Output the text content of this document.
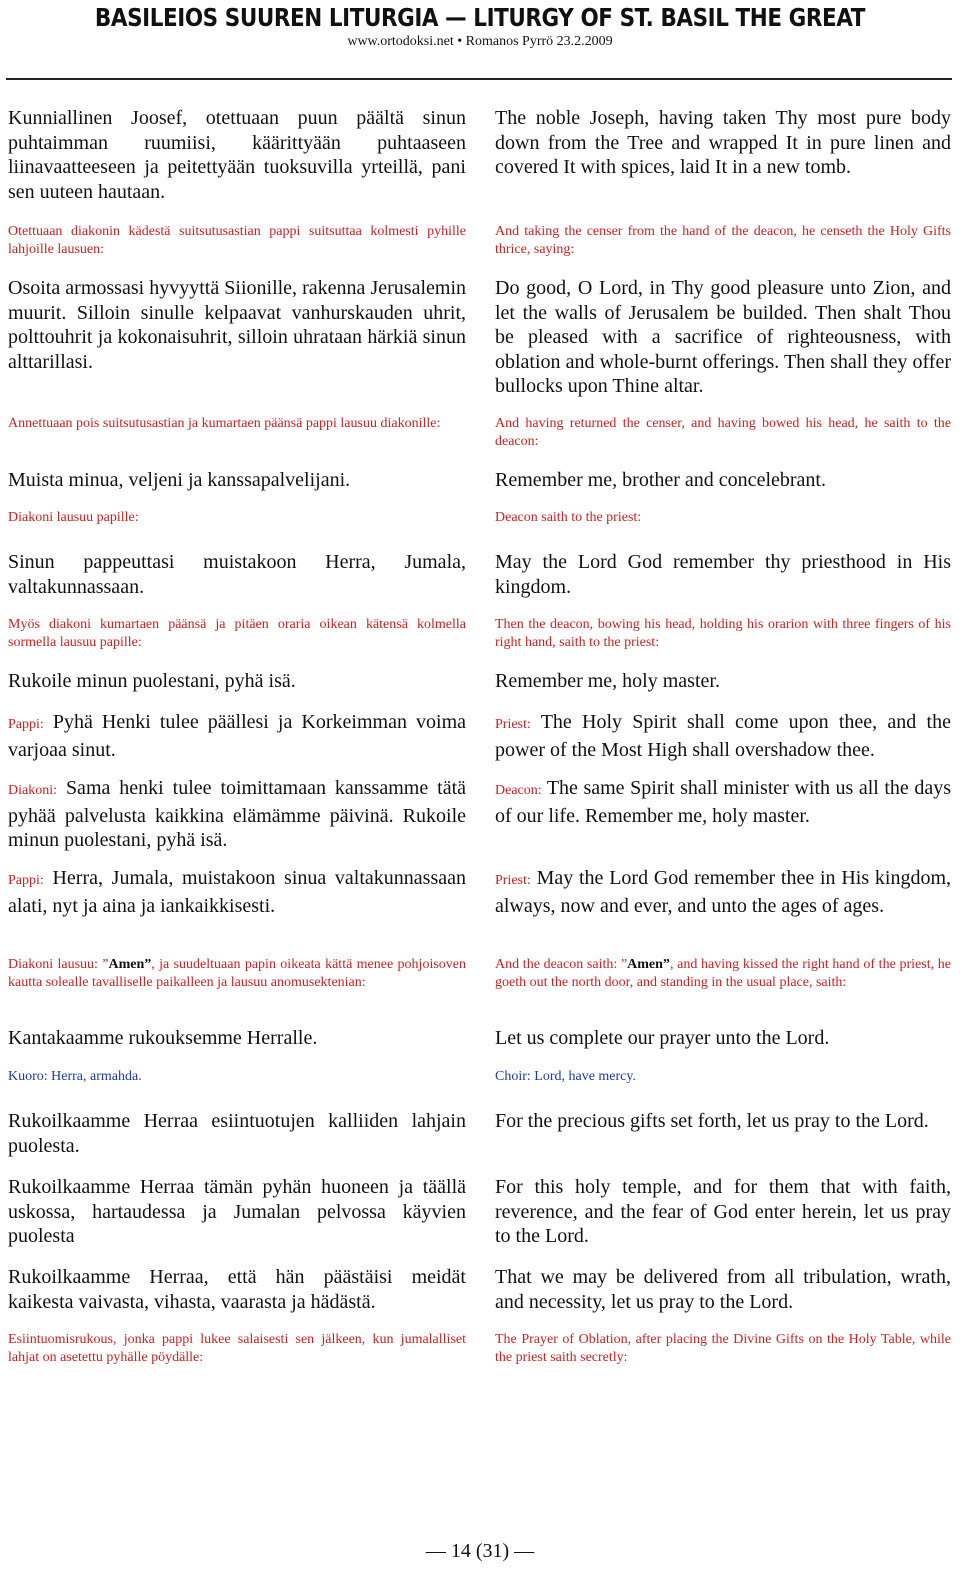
BASILEIOS SUUREN LITURGIA — LITURGY OF ST. BASIL THE GREAT
www.ortodoksi.net • Romanos Pyrrö 23.2.2009
Kunniallinen Joosef, otettuaan puun päältä sinun puhtaimman ruumiisi, käärittyään puhtaaseen liinavaatteeseen ja peitettyään tuoksuvilla yrteillä, pani sen uuteen hautaan.
Otettuaan diakonin kädestä suitsutusastian pappi suitsuttaa kolmesti pyhille lahjoille lausuen:
Osoita armossasi hyvyyttä Siionille, rakenna Jerusalemin muurit. Silloin sinulle kelpaavat vanhurskauden uhrit, polttouhrit ja kokonaisuhrit, silloin uhrataan härkiä sinun alttarillasi.
Annettuaan pois suitsutusastian ja kumartaen päänsä pappi lausuu diakonille:
Muista minua, veljeni ja kanssapalvelijani.
Diakoni lausuu papille:
Sinun pappeuttasi muistakoon Herra, Jumala, valtakunnassaan.
Myös diakoni kumartaen päänsä ja pitäen oraria oikean kätensä kolmella sormella lausuu papille:
Rukoile minun puolestani, pyhä isä.
Pappi: Pyhä Henki tulee päällesi ja Korkeimman voima varjoaa sinut.
Diakoni: Sama henki tulee toimittamaan kanssamme tätä pyhää palvelusta kaikkina elämämme päivinä. Rukoile minun puolestani, pyhä isä.
Pappi: Herra, Jumala, muistakoon sinua valtakunnassaan alati, nyt ja aina ja iankaikkisesti.
Diakoni lausuu: ”Amen”, ja suudeltuaan papin oikeata kättä menee pohjoisoven kautta solealle tavalliselle paikalleen ja lausuu anomusektenian:
Kantakaamme rukouksemme Herralle.
Kuoro: Herra, armahda.
Rukoilkaamme Herraa esiintuotujen kalliiden lahjain puolesta.
Rukoilkaamme Herraa tämän pyhän huoneen ja täällä uskossa, hartaudessa ja Jumalan pelvossa käyvien puolesta
Rukoilkaamme Herraa, että hän päästäisi meidät kaikesta vaivasta, vihasta, vaarasta ja hädästä.
Esiintuomisrukous, jonka pappi lukee salaisesti sen jälkeen, kun jumalalliset lahjat on asetettu pyhälle pöydälle:
The noble Joseph, having taken Thy most pure body down from the Tree and wrapped It in pure linen and covered It with spices, laid It in a new tomb.
And taking the censer from the hand of the deacon, he censeth the Holy Gifts thrice, saying:
Do good, O Lord, in Thy good pleasure unto Zion, and let the walls of Jerusalem be builded. Then shalt Thou be pleased with a sacrifice of righteousness, with oblation and whole-burnt offerings. Then shall they offer bullocks upon Thine altar.
And having returned the censer, and having bowed his head, he saith to the deacon:
Remember me, brother and concelebrant.
Deacon saith to the priest:
May the Lord God remember thy priesthood in His kingdom.
Then the deacon, bowing his head, holding his orarion with three fingers of his right hand, saith to the priest:
Remember me, holy master.
Priest: The Holy Spirit shall come upon thee, and the power of the Most High shall overshadow thee.
Deacon: The same Spirit shall minister with us all the days of our life. Remember me, holy master.
Priest: May the Lord God remember thee in His kingdom, always, now and ever, and unto the ages of ages.
And the deacon saith: ”Amen”, and having kissed the right hand of the priest, he goeth out the north door, and standing in the usual place, saith:
Let us complete our prayer unto the Lord.
Choir: Lord, have mercy.
For the precious gifts set forth, let us pray to the Lord.
For this holy temple, and for them that with faith, reverence, and the fear of God enter herein, let us pray to the Lord.
That we may be delivered from all tribulation, wrath, and necessity, let us pray to the Lord.
The Prayer of Oblation, after placing the Divine Gifts on the Holy Table, while the priest saith secretly:
— 14 (31) —
